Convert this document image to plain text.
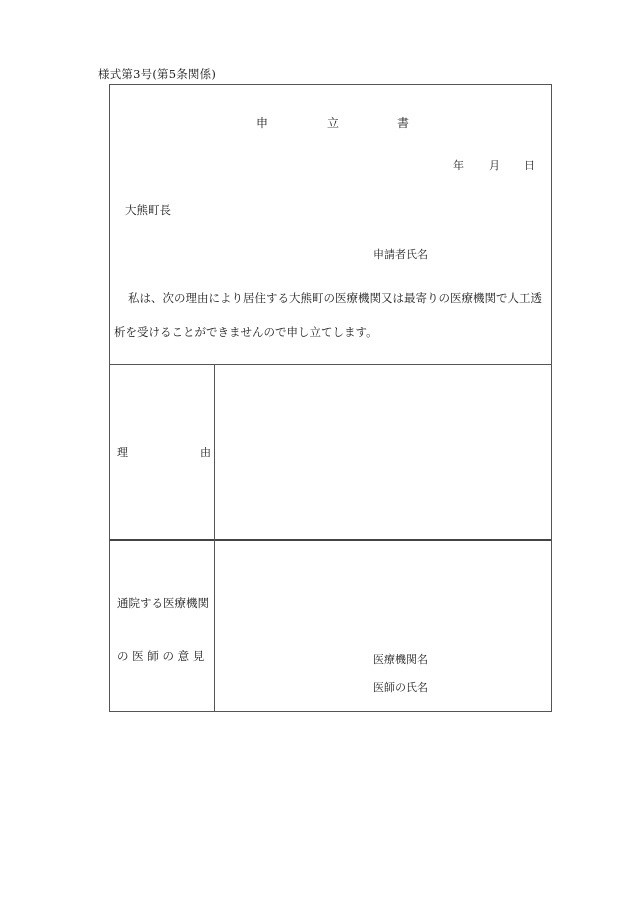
様式第3号(第5条関係)
申	立	書
年 月 日
大熊町長
申請者氏名

私は、次の理由により居住する大熊町の医療機関又は最寄りの医療機関で人工透析を受けることができませんので申し立てします。

理	由
通院する医療機関
の 医 師 の 意 見	医療機関名
医師の氏名
